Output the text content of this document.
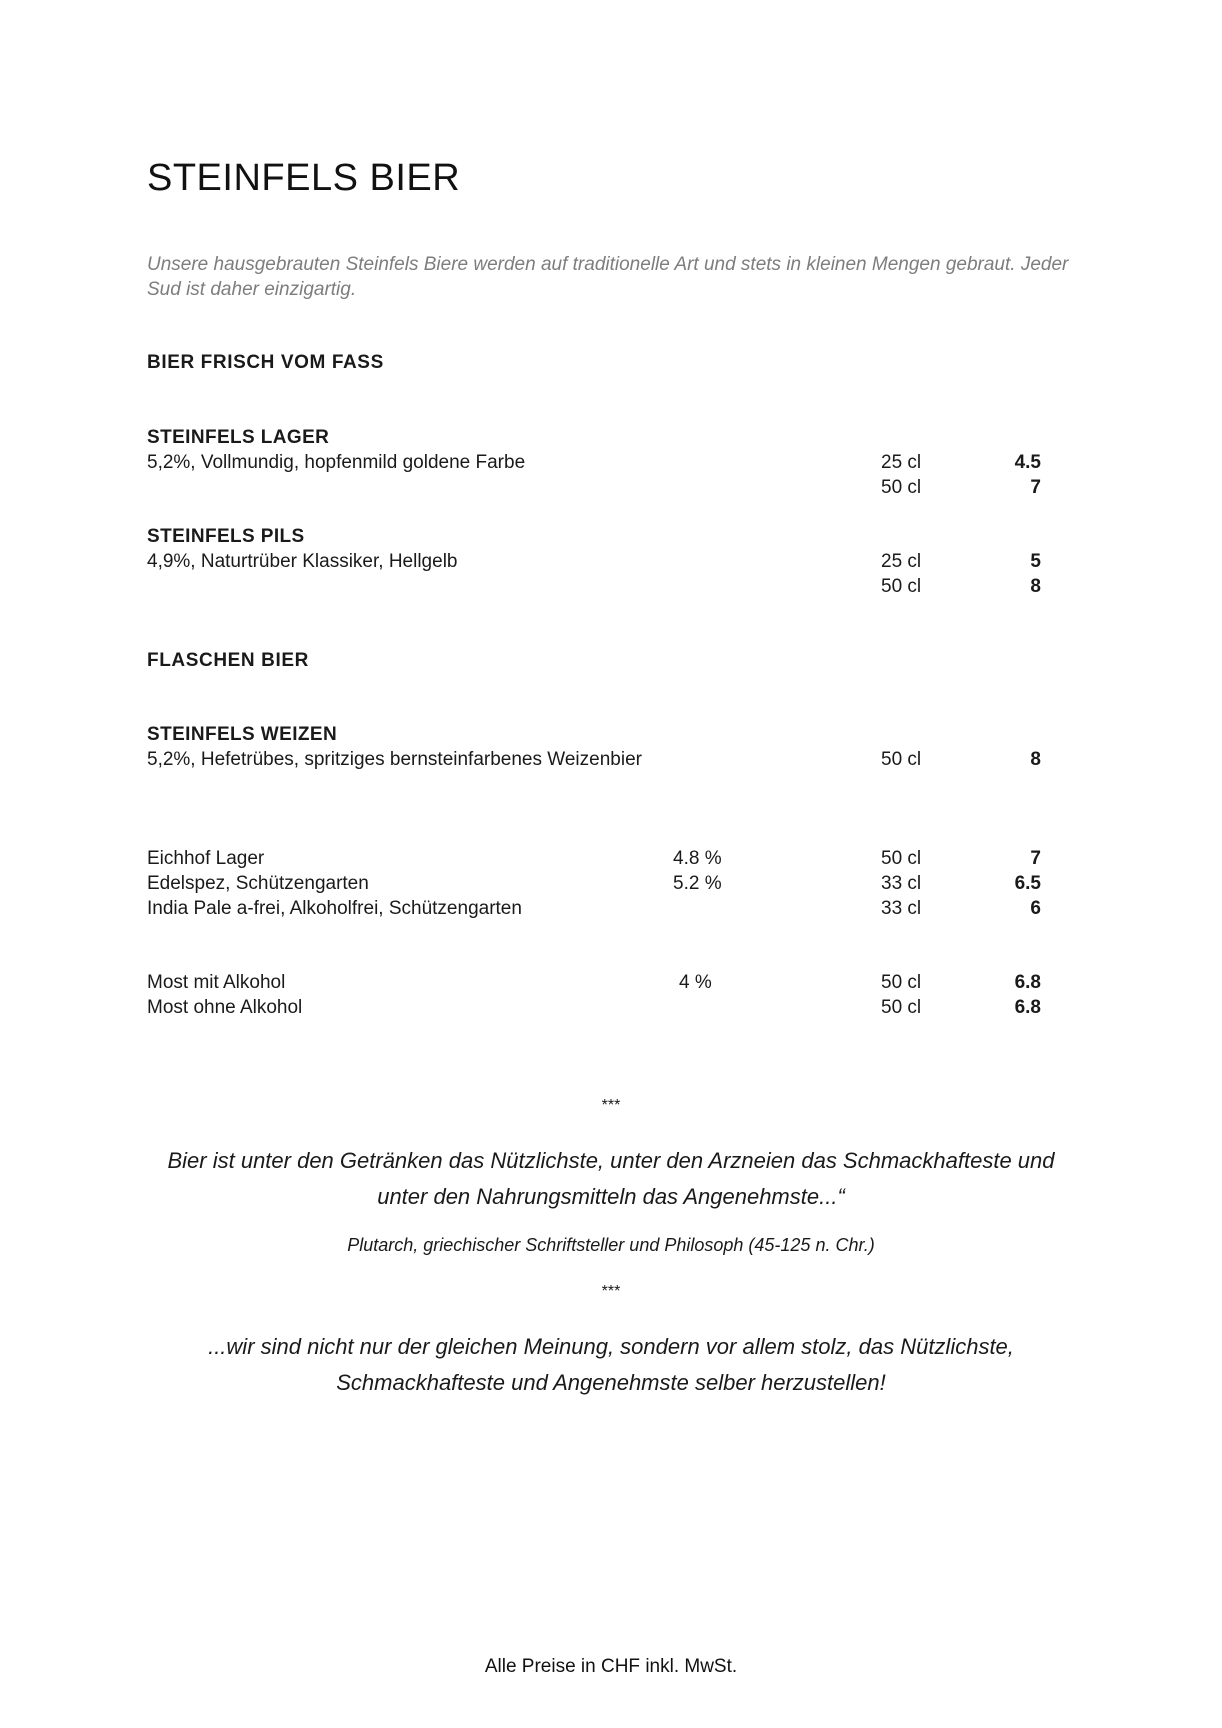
STEINFELS BIER
Unsere hausgebrauten Steinfels Biere werden auf traditionelle Art und stets in kleinen Mengen gebraut. Jeder Sud ist daher einzigartig.
BIER FRISCH VOM FASS
STEINFELS LAGER
5,2%, Vollmundig, hopfenmild goldene Farbe	25 cl	4.5
50 cl	7
STEINFELS PILS
4,9%, Naturtrüber Klassiker, Hellgelb	25 cl	5
50 cl	8
FLASCHEN BIER
STEINFELS WEIZEN
5,2%, Hefetrübes, spritziges bernsteinfarbenes Weizenbier	50 cl	8
Eichhof Lager	4.8 %	50 cl	7
Edelspez, Schützengarten	5.2 %	33 cl	6.5
India Pale a-frei, Alkoholfrei, Schützengarten	33 cl	6
Most mit Alkohol	4 %	50 cl	6.8
Most ohne Alkohol	50 cl	6.8
***
Bier ist unter den Getränken das Nützlichste, unter den Arzneien das Schmackhafteste und unter den Nahrungsmitteln das Angenehmste...“
Plutarch, griechischer Schriftsteller und Philosoph (45-125 n. Chr.)
***
...wir sind nicht nur der gleichen Meinung, sondern vor allem stolz, das Nützlichste, Schmackhafteste und Angenehmste selber herzustellen!
Alle Preise in CHF inkl. MwSt.
